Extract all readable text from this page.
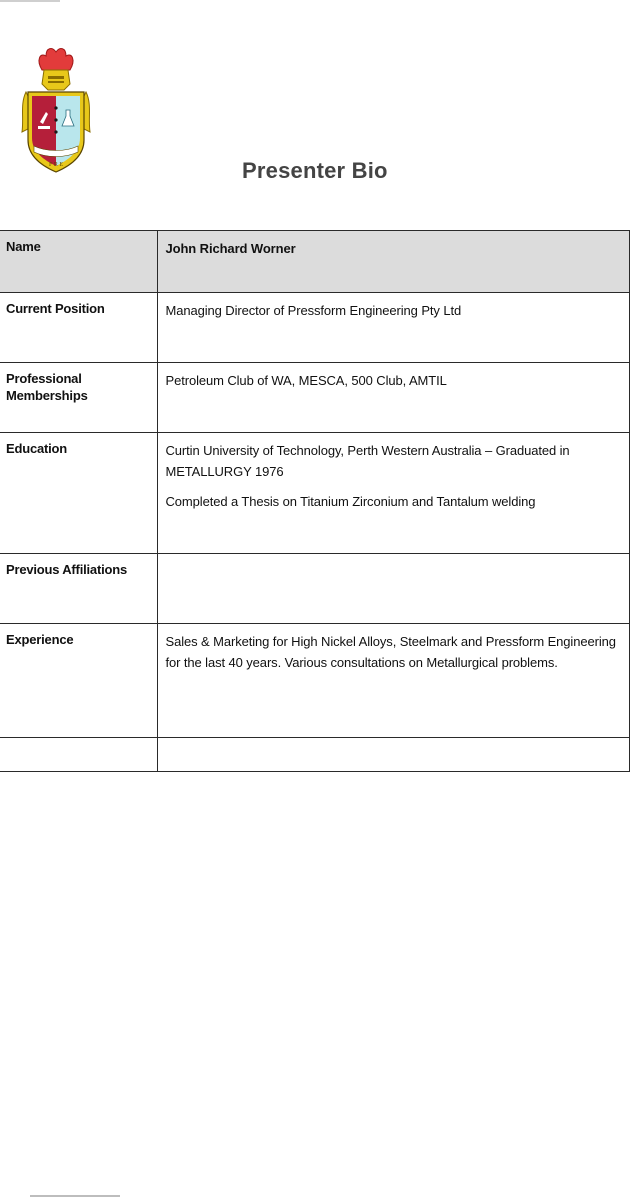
F R E	Presenter Bio
Name	John Richard Worner

Current Position	Managing Director of Pressform Engineering Pty Ltd

Professional Memberships	Petroleum Club of WA, MESCA, 500 Club, AMTIL

Education	Curtin University of Technology, Perth Western Australia – Graduated in METALLURGY 1976

Completed a Thesis on Titanium Zirconium and Tantalum welding

Previous Affiliations	
Experience	Sales & Marketing for High Nickel Alloys, Steelmark and Pressform Engineering for the last 40 years. Various consultations on Metallurgical problems.
